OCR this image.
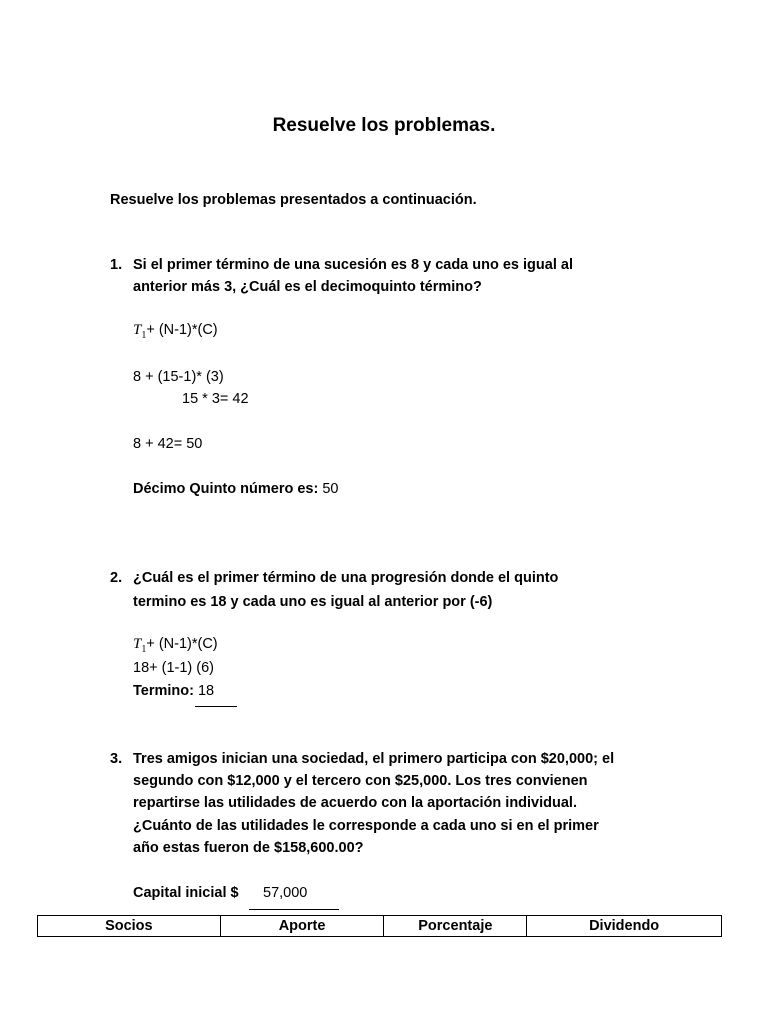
Resuelve los problemas.
Resuelve los problemas presentados a continuación.
1. Si el primer término de una sucesión es 8 y cada uno es igual al
anterior más 3, ¿Cuál es el decimoquinto término?
$T_1+ (N-1)*(C)$
8 + (15-1)* (3)
15 * 3= 42
8 + 42= 50
Décimo Quinto número es: 50
2. ¿Cuál es el primer término de una progresión donde el quinto
termino es 18 y cada uno es igual al anterior por (-6)
$T_1+ (N-1)*(C)$
18+ (1-1) (6)
Termino: 18
3. Tres amigos inician una sociedad, el primero participa con $20,000; el
segundo con $12,000 y el tercero con $25,000. Los tres convienen
repartirse las utilidades de acuerdo con la aportación individual.
¿Cuánto de las utilidades le corresponde a cada uno si en el primer
año estas fueron de $158,600.00?
Capital inicial $ 57,000
Socios	Aporte	Porcentaje	Dividendo
